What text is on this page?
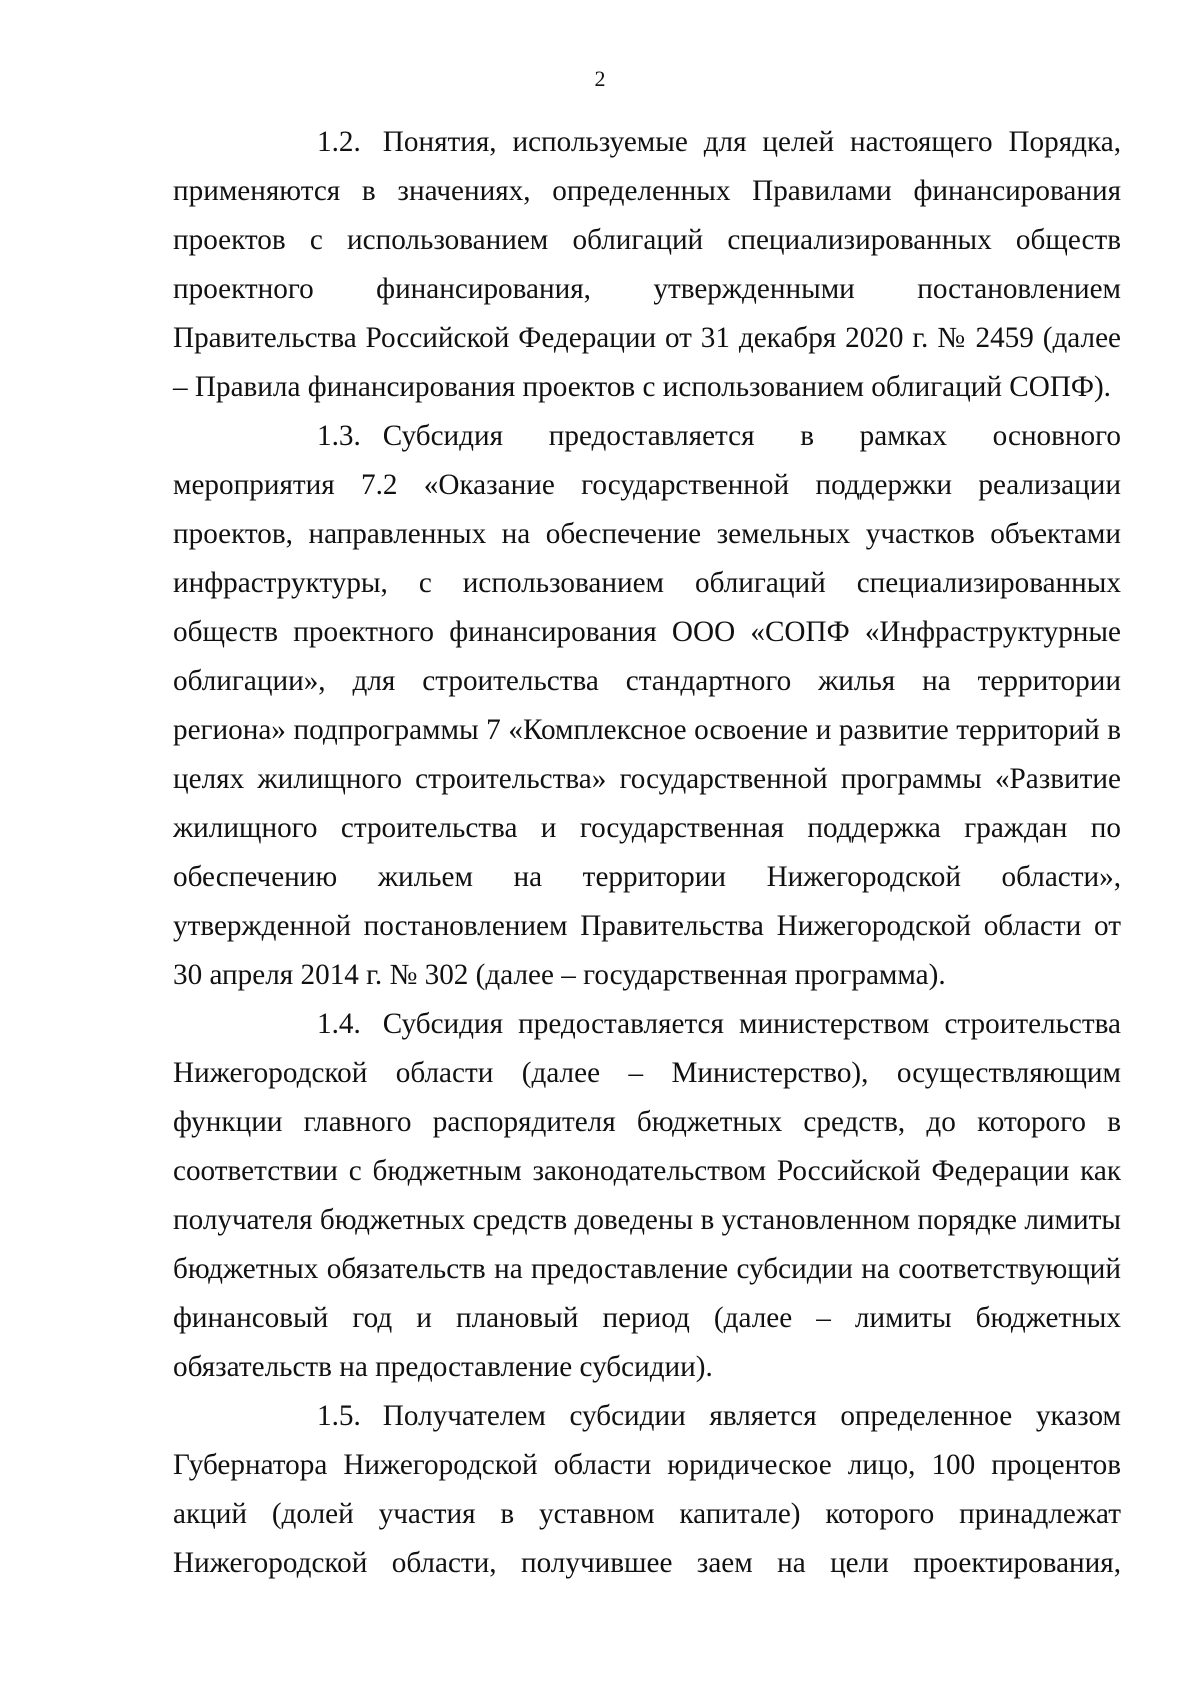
2

1.2. Понятия, используемые для целей настоящего Порядка, применяются в значениях, определенных Правилами финансирования проектов с использованием облигаций специализированных обществ проектного финансирования, утвержденными постановлением Правительства Российской Федерации от 31 декабря 2020 г. № 2459 (далее – Правила финансирования проектов с использованием облигаций СОПФ).

1.3. Субсидия предоставляется в рамках основного мероприятия 7.2 «Оказание государственной поддержки реализации проектов, направленных на обеспечение земельных участков объектами инфраструктуры, с использованием облигаций специализированных обществ проектного финансирования ООО «СОПФ «Инфраструктурные облигации», для строительства стандартного жилья на территории региона» подпрограммы 7 «Комплексное освоение и развитие территорий в целях жилищного строительства» государственной программы «Развитие жилищного строительства и государственная поддержка граждан по обеспечению жильем на территории Нижегородской области», утвержденной постановлением Правительства Нижегородской области от 30 апреля 2014 г. № 302 (далее – государственная программа).

1.4. Субсидия предоставляется министерством строительства Нижегородской области (далее – Министерство), осуществляющим функции главного распорядителя бюджетных средств, до которого в соответствии с бюджетным законодательством Российской Федерации как получателя бюджетных средств доведены в установленном порядке лимиты бюджетных обязательств на предоставление субсидии на соответствующий финансовый год и плановый период (далее – лимиты бюджетных обязательств на предоставление субсидии).

1.5. Получателем субсидии является определенное указом Губернатора Нижегородской области юридическое лицо, 100 процентов акций (долей участия в уставном капитале) которого принадлежат Нижегородской области, получившее заем на цели проектирования,
